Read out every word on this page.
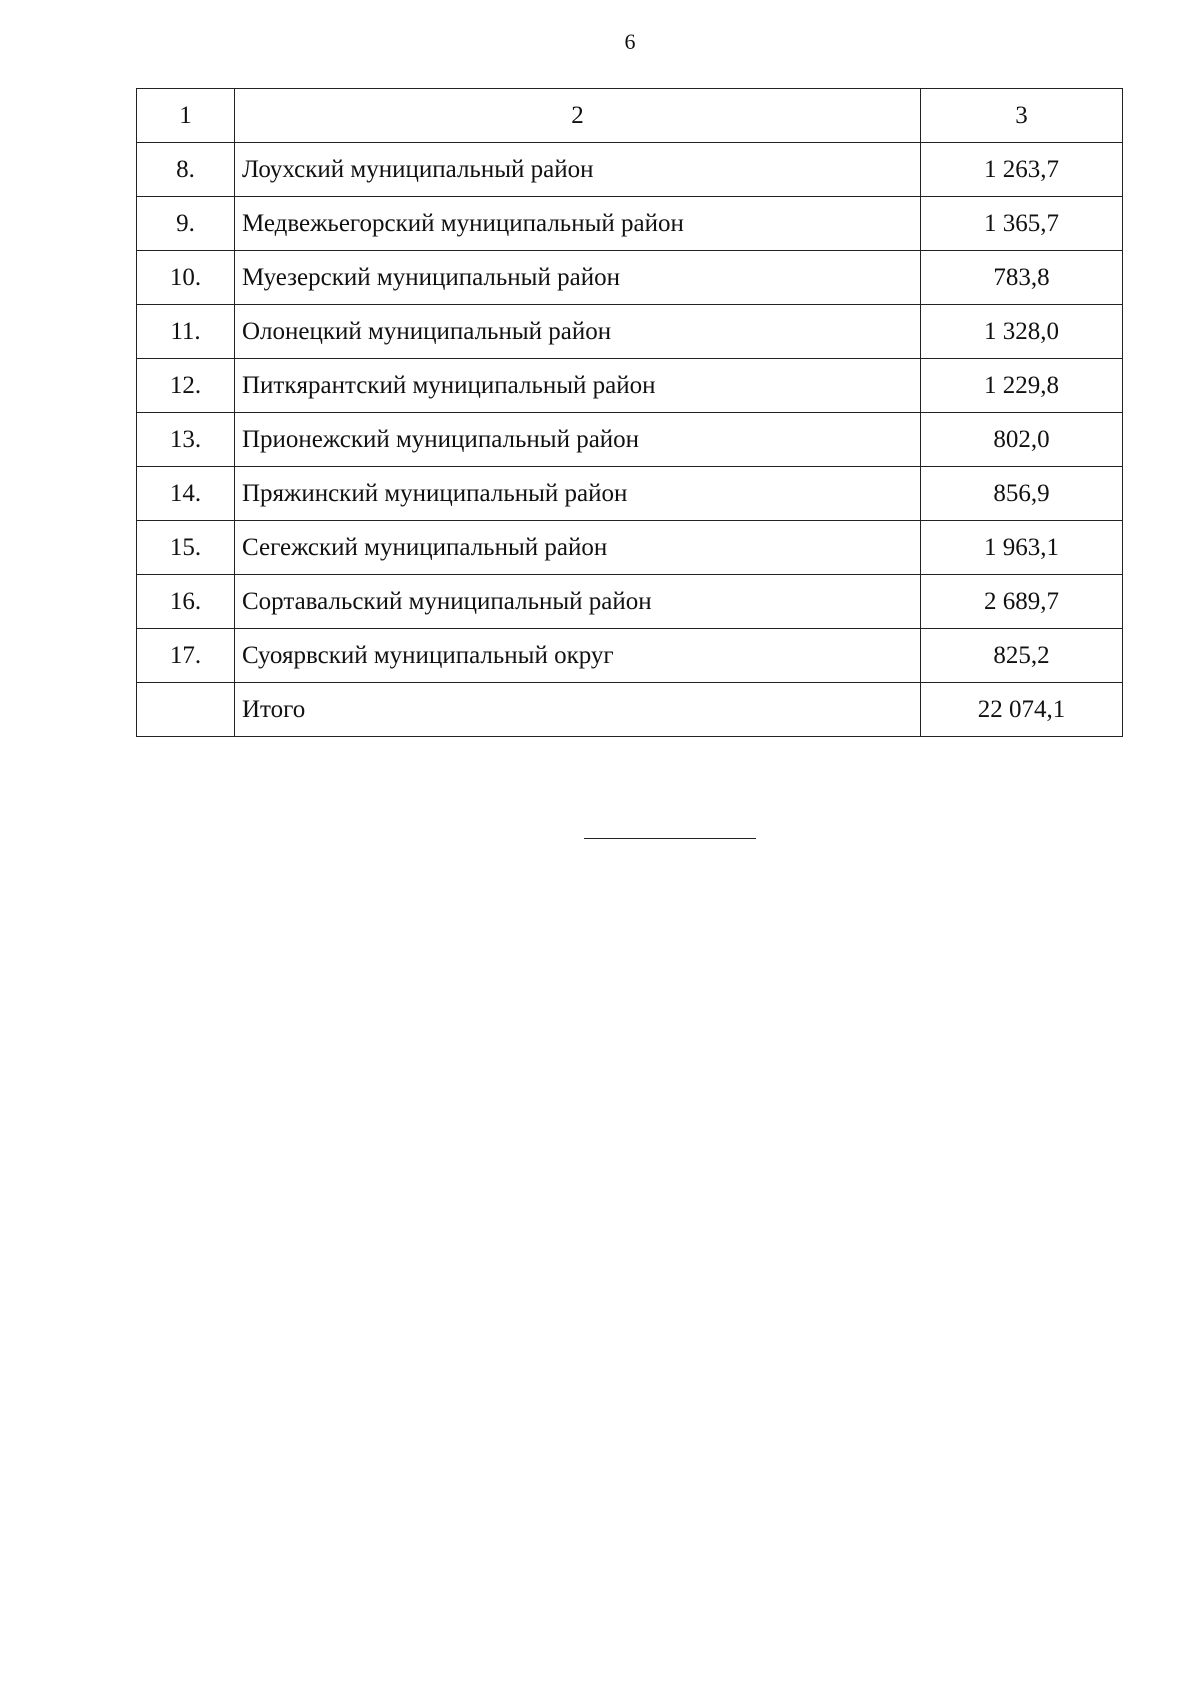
6
1	2	3
8.	Лоухский муниципальный район	1 263,7
9.	Медвежьегорский муниципальный район	1 365,7
10.	Муезерский муниципальный район	783,8
11.	Олонецкий муниципальный район	1 328,0
12.	Питкярантский муниципальный район	1 229,8
13.	Прионежский муниципальный район	802,0
14.	Пряжинский муниципальный район	856,9
15.	Сегежский муниципальный район	1 963,1
16.	Сортавальский муниципальный район	2 689,7
17.	Суоярвский муниципальный округ	825,2
	Итого	22 074,1
